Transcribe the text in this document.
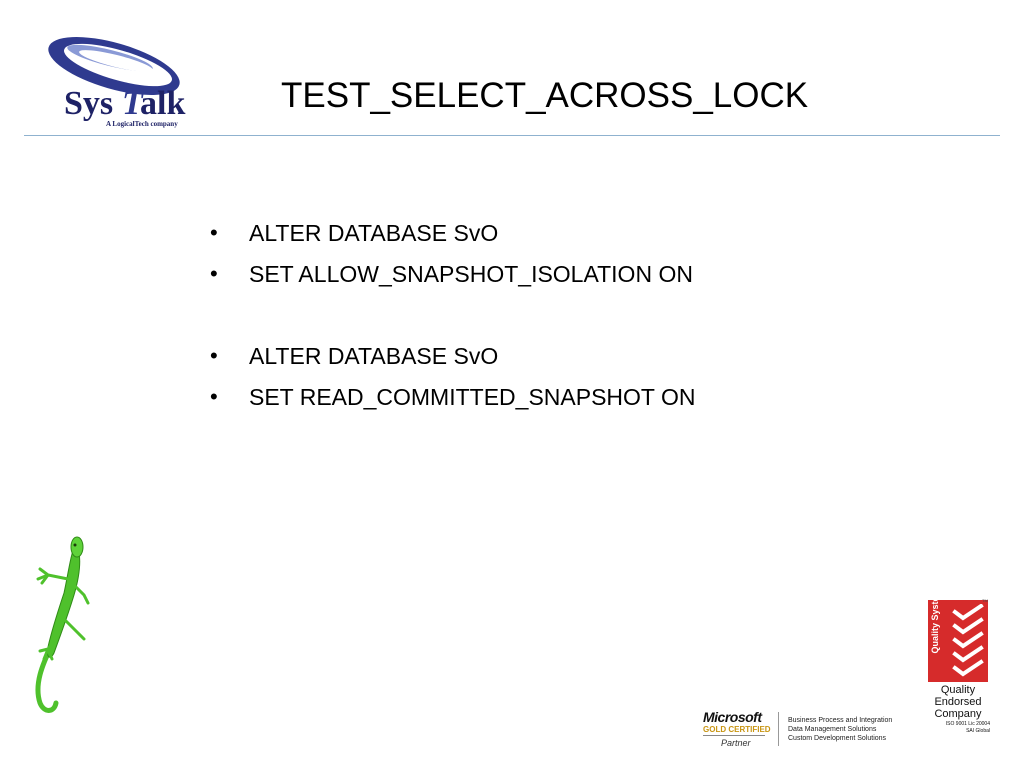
Sys T
alk
A LogicalTech company
TEST_SELECT_ACROSS_LOCK
•	ALTER DATABASE SvO
•	SET ALLOW_SNAPSHOT_ISOLATION ON
•	ALTER DATABASE SvO
•	SET READ_COMMITTED_SNAPSHOT ON
Microsoft
GOLD CERTIFIED
Partner
Business Process and Integration
Data Management Solutions
Custom Development Solutions
TM
Quality System
Quality
Endorsed
Company
ISO 9001 Lic 20004
SAI Global
